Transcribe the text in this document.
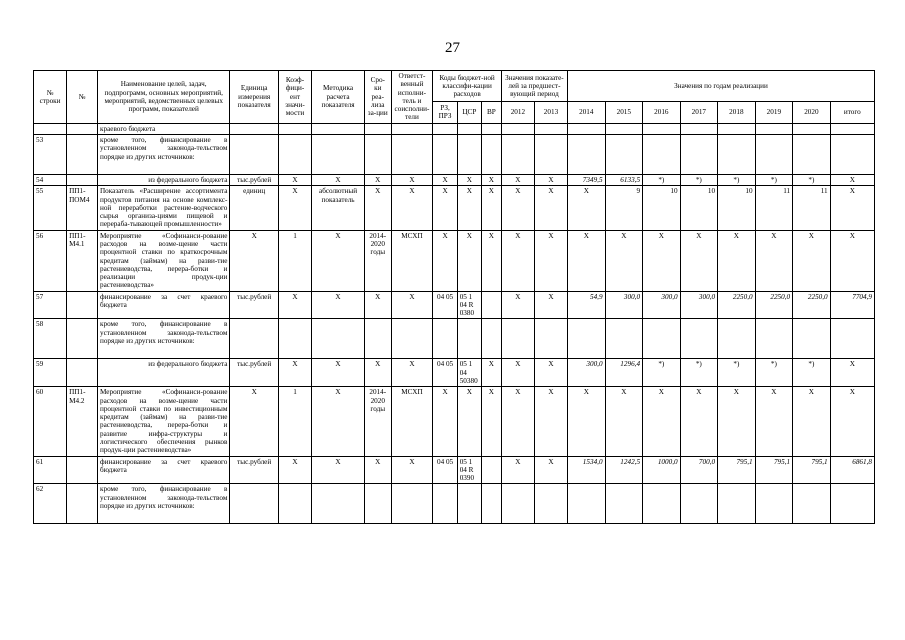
27
№ строки	№	Наименование целей, задач, подпрограмм, основных мероприятий, мероприятий, ведомственных целевых программ, показателей	Единица измерения показателя	Коэф-фици-ент значи-мости	Методика расчета показателя	Сро-ки реа-лиза за-ции	Ответст-венный исполни-тель и соисполни-тели	Коды бюджет-ной классифи-кации расходов			Значения показате-лей за предшест-вующий период		Значения по годам реализации							
								РЗ, ПРЗ	ЦСР	ВР	2012	2013	2014	2015	2016	2017	2018	2019	2020	итого
		краевого бюджета																		
53		кроме того, финансирование в установленном законода-тельством порядке из других источников:																		
54		из федерального бюджета	тыс.рублей	X	X	X	X	X	X	X	X	X	7349,5	6133,5	*)	*)	*)	*)	*)	X
55	ПП1-ПОМ4	Показатель «Расширение ассортимента продуктов питания на основе комплекс-ной переработки растение-водческого сырья организа-циями пищевой и перерабa-тывающей промышленности»	единиц	X	абсолютный показатель	X	X	X	X	X	X	X	X	9	10	10	10	11	11	X
56	ПП1-М4.1	Мероприятие «Софинанси-рование расходов на возме-щение части процентной ставки по краткосрочным кредитам (займам) на разви-тие растениеводства, перера-ботки и реализации продук-ции растениеводства»	X	1	X	2014-2020 годы	МСХП	X	X	X	X	X	X	X	X	X	X	X	X	X
57		финансирование за счет краевого бюджета	тыс.рублей	X	X	X	X	04 05	05 1 04 R 0380		X	X	54,9	300,0	300,0	300,0	2250,0	2250,0	2250,0	7704,9
58		кроме того, финансирование в установленном законода-тельством порядке из других источников:																		
59		из федерального бюджета	тыс.рублей	X	X	X	X	04 05	05 1 04 50380	X	X	X	300,0	1296,4	*)	*)	*)	*)	*)	X
60	ПП1-М4.2	Мероприятие «Софинанси-рование расходов на возме-щение части процентной ставки по инвестиционным кредитам (займам) на разви-тие растениеводства, перера-ботки и развитие инфра-структуры и логистического обеспечения рынков продук-ции растениеводства»	X	1	X	2014-2020 годы	МСХП	X	X	X	X	X	X	X	X	X	X	X	X	X
61		финансирование за счет краевого бюджета	тыс.рублей	X	X	X	X	04 05	05 1 04 R 0390		X	X	1534,0	1242,5	1000,0	700,0	795,1	795,1	795,1	6861,8
62		кроме того, финансирование в установленном законода-тельством порядке из других источников:																		
